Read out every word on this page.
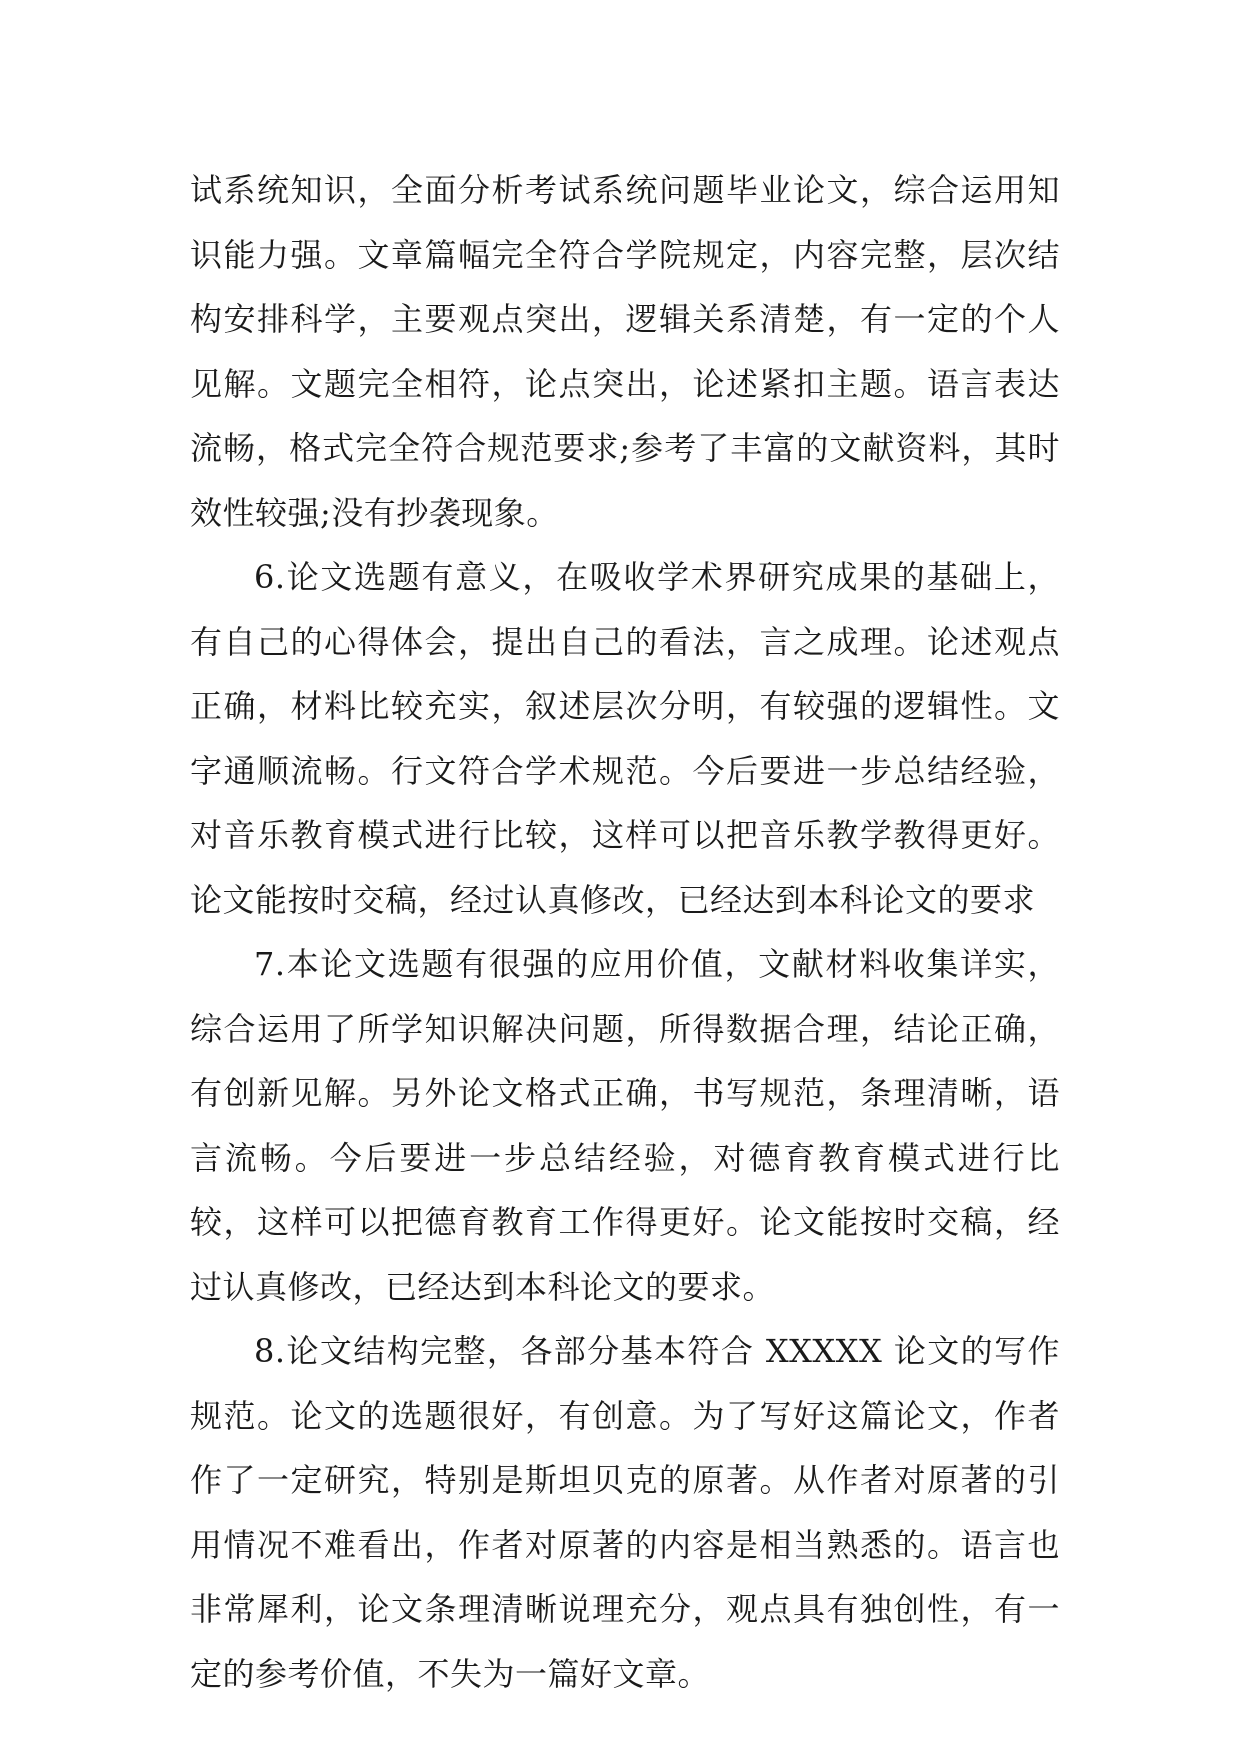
试系统知识，全面分析考试系统问题毕业论文，综合运用知识能力强。文章篇幅完全符合学院规定，内容完整，层次结构安排科学，主要观点突出，逻辑关系清楚，有一定的个人见解。文题完全相符，论点突出，论述紧扣主题。语言表达流畅，格式完全符合规范要求;参考了丰富的文献资料，其时效性较强;没有抄袭现象。

6.论文选题有意义，在吸收学术界研究成果的基础上，有自己的心得体会，提出自己的看法，言之成理。论述观点正确，材料比较充实，叙述层次分明，有较强的逻辑性。文字通顺流畅。行文符合学术规范。今后要进一步总结经验，对音乐教育模式进行比较，这样可以把音乐教学教得更好。论文能按时交稿，经过认真修改，已经达到本科论文的要求

7.本论文选题有很强的应用价值，文献材料收集详实，综合运用了所学知识解决问题，所得数据合理，结论正确，有创新见解。另外论文格式正确，书写规范，条理清晰，语言流畅。今后要进一步总结经验，对德育教育模式进行比较，这样可以把德育教育工作得更好。论文能按时交稿，经过认真修改，已经达到本科论文的要求。

8.论文结构完整，各部分基本符合 XXXXX 论文的写作规范。论文的选题很好，有创意。为了写好这篇论文，作者作了一定研究，特别是斯坦贝克的原著。从作者对原著的引用情况不难看出，作者对原著的内容是相当熟悉的。语言也非常犀利，论文条理清晰说理充分，观点具有独创性，有一定的参考价值，不失为一篇好文章。
